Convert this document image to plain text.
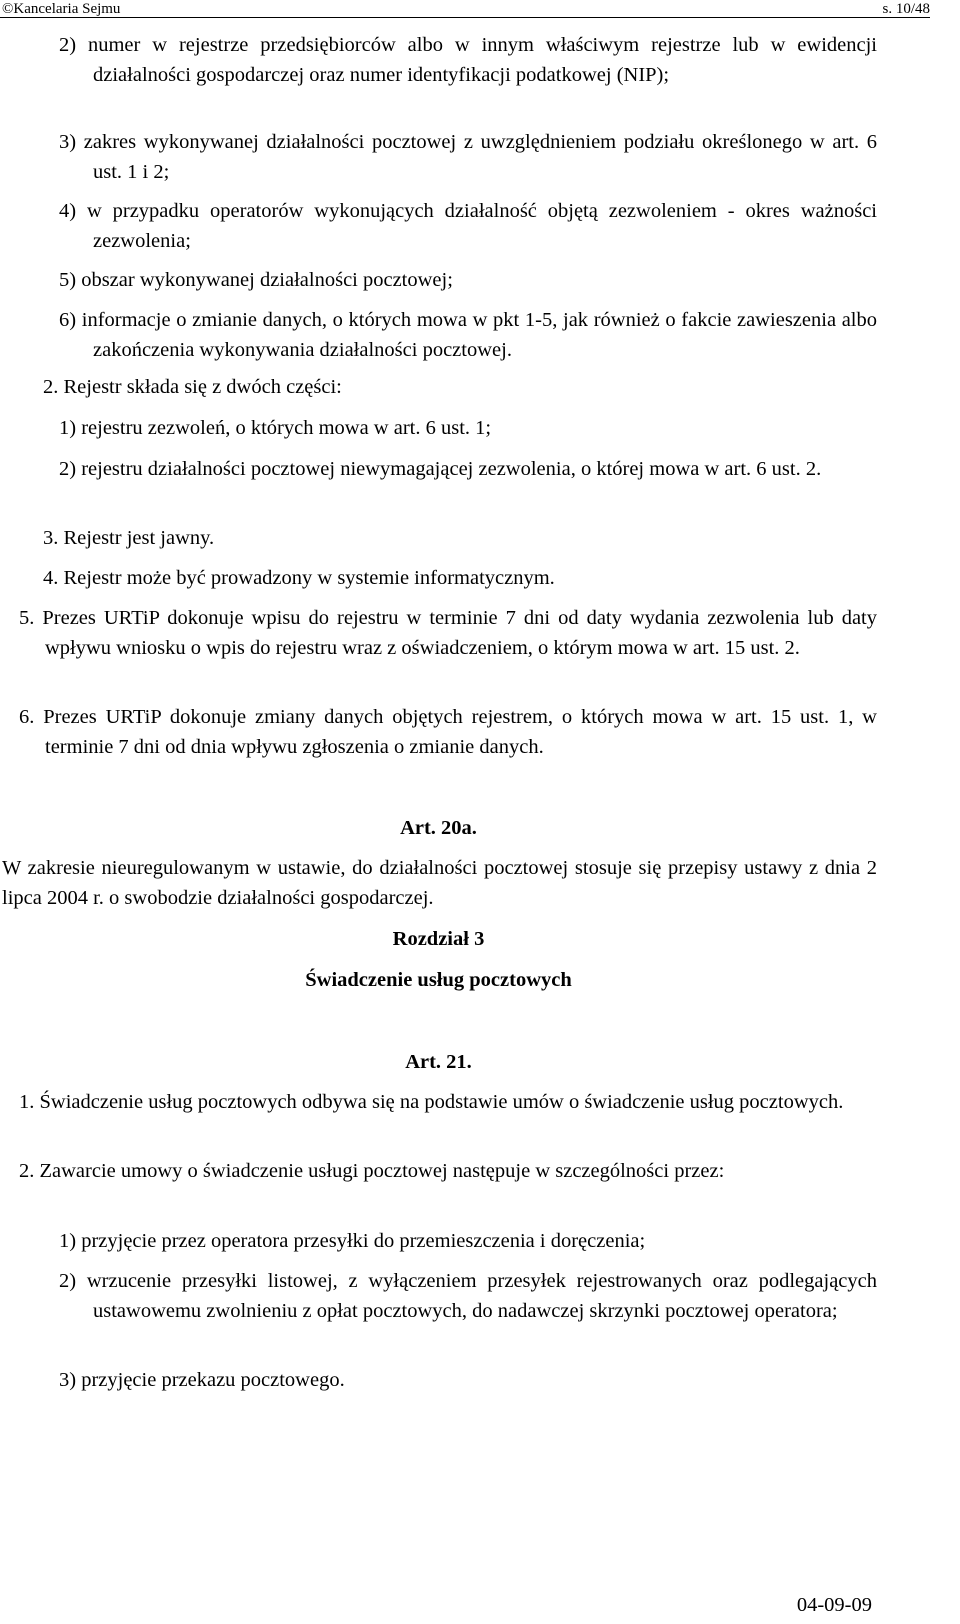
©Kancelaria Sejmu	s. 10/48
2) numer w rejestrze przedsiębiorców albo w innym właściwym rejestrze lub w ewidencji działalności gospodarczej oraz numer identyfikacji podatkowej (NIP);
3) zakres wykonywanej działalności pocztowej z uwzględnieniem podziału określonego w art. 6 ust. 1 i 2;
4) w przypadku operatorów wykonujących działalność objętą zezwoleniem - okres ważności zezwolenia;
5) obszar wykonywanej działalności pocztowej;
6) informacje o zmianie danych, o których mowa w pkt 1-5, jak również o fakcie zawieszenia albo zakończenia wykonywania działalności pocztowej.
2. Rejestr składa się z dwóch części:
1) rejestru zezwoleń, o których mowa w art. 6 ust. 1;
2) rejestru działalności pocztowej niewymagającej zezwolenia, o której mowa w art. 6 ust. 2.
3. Rejestr jest jawny.
4. Rejestr może być prowadzony w systemie informatycznym.
5. Prezes URTiP dokonuje wpisu do rejestru w terminie 7 dni od daty wydania zezwolenia lub daty wpływu wniosku o wpis do rejestru wraz z oświadczeniem, o którym mowa w art. 15 ust. 2.
6. Prezes URTiP dokonuje zmiany danych objętych rejestrem, o których mowa w art. 15 ust. 1, w terminie 7 dni od dnia wpływu zgłoszenia o zmianie danych.
Art. 20a.
W zakresie nieuregulowanym w ustawie, do działalności pocztowej stosuje się przepisy ustawy z dnia 2 lipca 2004 r. o swobodzie działalności gospodarczej.
Rozdział 3
Świadczenie usług pocztowych
Art. 21.
1. Świadczenie usług pocztowych odbywa się na podstawie umów o świadczenie usług pocztowych.
2. Zawarcie umowy o świadczenie usługi pocztowej następuje w szczególności przez:
1) przyjęcie przez operatora przesyłki do przemieszczenia i doręczenia;
2) wrzucenie przesyłki listowej, z wyłączeniem przesyłek rejestrowanych oraz podlegających ustawowemu zwolnieniu z opłat pocztowych, do nadawczej skrzynki pocztowej operatora;
3) przyjęcie przekazu pocztowego.
04-09-09
